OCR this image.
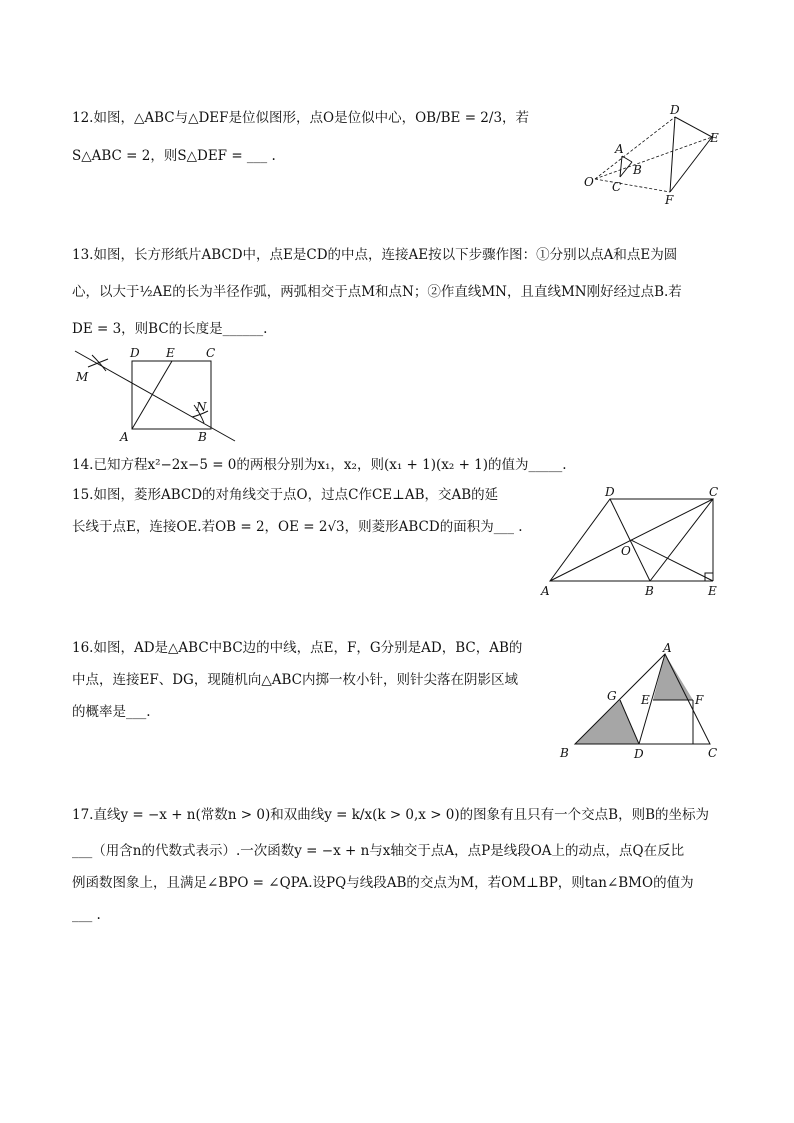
12.如图，△ABC与△DEF是位似图形，点O是位似中心，OB/BE = 2/3，若
S△ABC = 2，则S△DEF = ___ .
D
E
A
B
O C
F
13.如图，长方形纸片ABCD中，点E是CD的中点，连接AE按以下步骤作图：①分别以点A和点E为圆
心，以大于½AE的长为半径作弧，两弧相交于点M和点N；②作直线MN，且直线MN刚好经过点B.若
DE = 3，则BC的长度是______.
D E	C
M
N
A	B
14.已知方程x²−2x−5 = 0的两根分别为x₁，x₂，则(x₁ + 1)(x₂ + 1)的值为_____.
15.如图，菱形ABCD的对角线交于点O，过点C作CE⊥AB，交AB的延
长线于点E，连接OE.若OB = 2，OE = 2√3，则菱形ABCD的面积为___ .
D	C
O
A	B	E
16.如图，AD是△ABC中BC边的中线，点E，F，G分别是AD，BC，AB的
中点，连接EF、DG，现随机向△ABC内掷一枚小针，则针尖落在阴影区域
的概率是___.
A
G E	F
B	D	C
17.直线y = −x + n(常数n > 0)和双曲线y = k/x(k > 0,x > 0)的图象有且只有一个交点B，则B的坐标为
___（用含n的代数式表示）.一次函数y = −x + n与x轴交于点A，点P是线段OA上的动点，点Q在反比
例函数图象上，且满足∠BPO = ∠QPA.设PQ与线段AB的交点为M，若OM⊥BP，则tan∠BMO的值为
___ .
